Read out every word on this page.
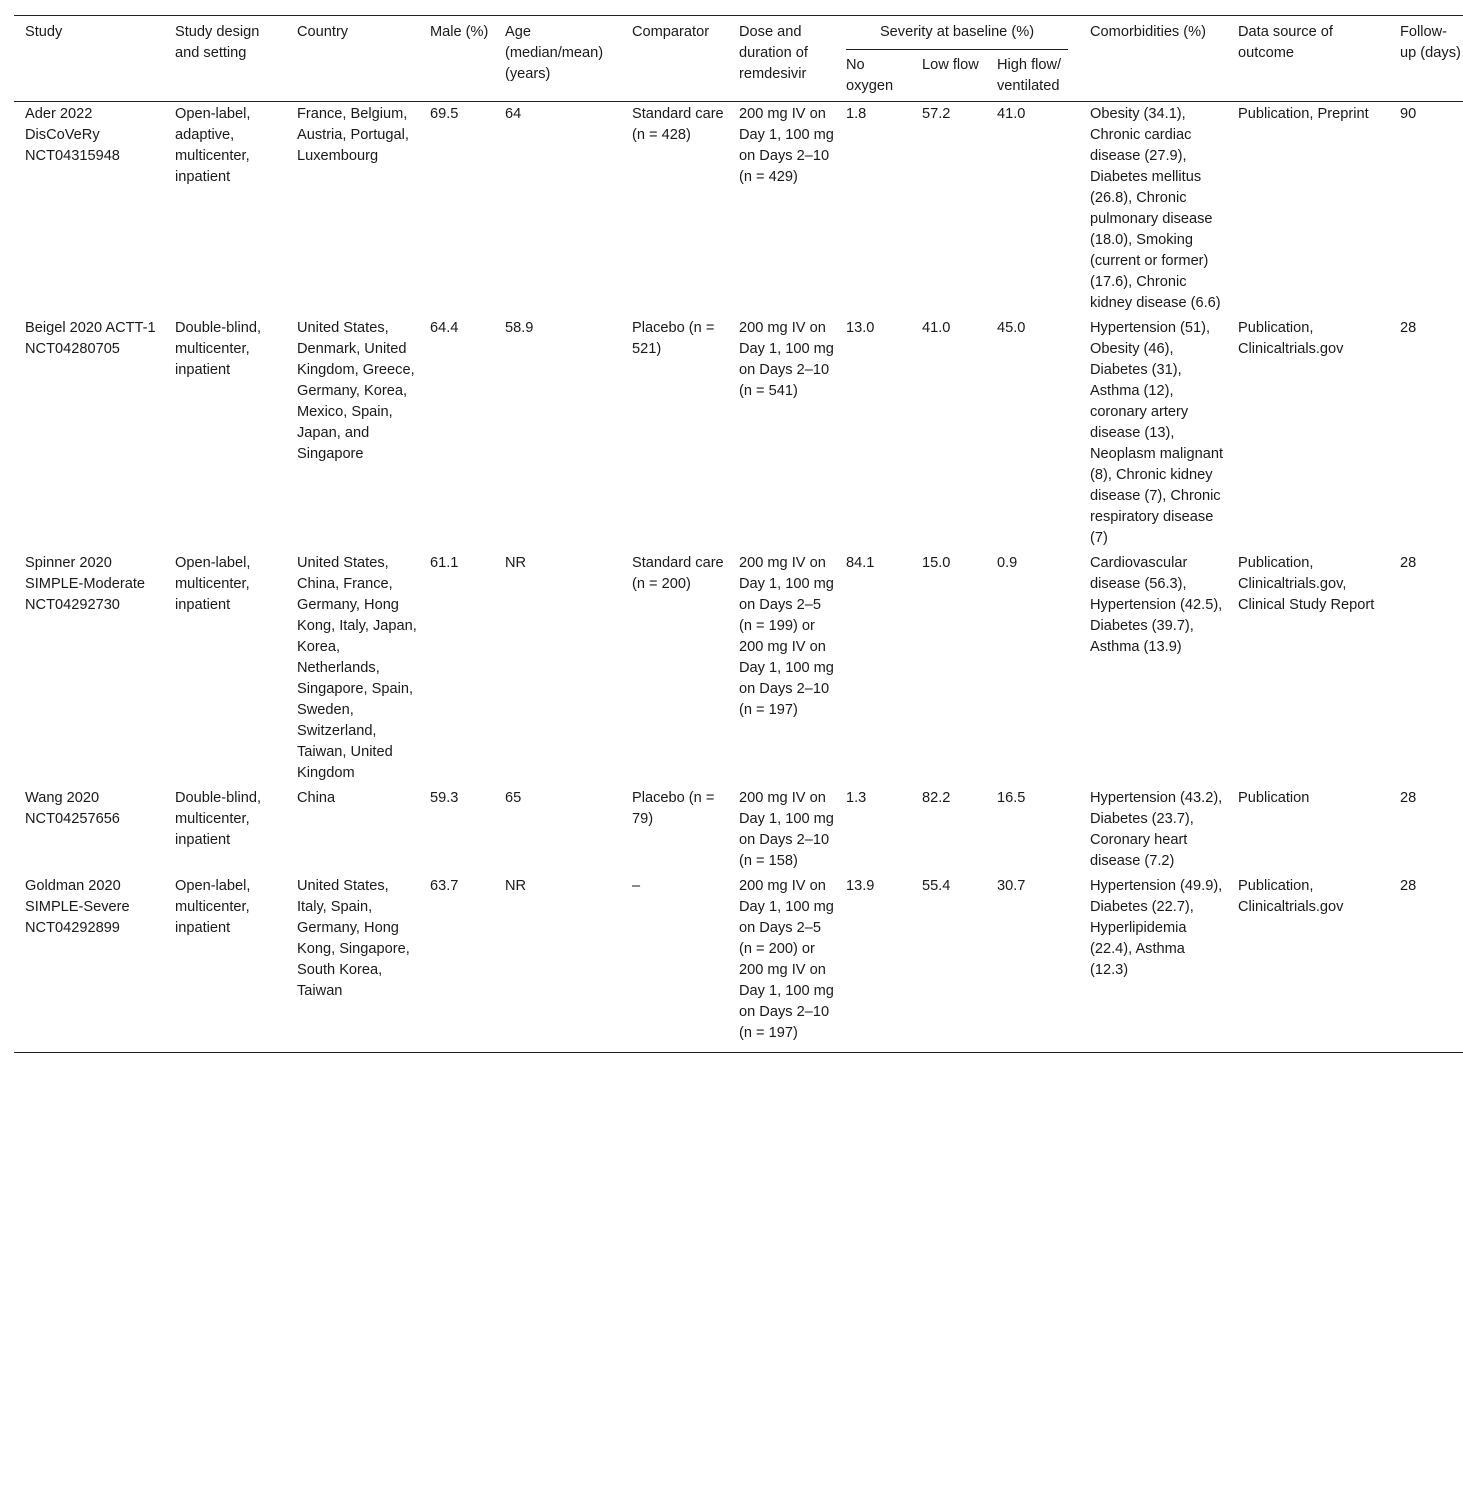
Study	Study design and setting	Country	Male (%)	Age (median/mean) (years)	Comparator	Dose and duration of remdesivir	Severity at baseline (%)			Comorbidities (%)	Data source of outcome	Follow-up (days)
							No oxygen	Low flow	High flow/ ventilated			
Ader 2022 DisCoVeRy NCT04315948	Open-label, adaptive, multicenter, inpatient	France, Belgium, Austria, Portugal, Luxembourg	69.5	64	Standard care (n = 428)	200 mg IV on Day 1, 100 mg on Days 2–10 (n = 429)	1.8	57.2	41.0	Obesity (34.1), Chronic cardiac disease (27.9), Diabetes mellitus (26.8), Chronic pulmonary disease (18.0), Smoking (current or former) (17.6), Chronic kidney disease (6.6)	Publication, Preprint	90
Beigel 2020 ACTT-1 NCT04280705	Double-blind, multicenter, inpatient	United States, Denmark, United Kingdom, Greece, Germany, Korea, Mexico, Spain, Japan, and Singapore	64.4	58.9	Placebo (n = 521)	200 mg IV on Day 1, 100 mg on Days 2–10 (n = 541)	13.0	41.0	45.0	Hypertension (51), Obesity (46), Diabetes (31), Asthma (12), coronary artery disease (13), Neoplasm malignant (8), Chronic kidney disease (7), Chronic respiratory disease (7)	Publication, Clinicaltrials.gov	28
Spinner 2020 SIMPLE-Moderate NCT04292730	Open-label, multicenter, inpatient	United States, China, France, Germany, Hong Kong, Italy, Japan, Korea, Netherlands, Singapore, Spain, Sweden, Switzerland, Taiwan, United Kingdom	61.1	NR	Standard care (n = 200)	200 mg IV on Day 1, 100 mg on Days 2–5 (n = 199) or 200 mg IV on Day 1, 100 mg on Days 2–10 (n = 197)	84.1	15.0	0.9	Cardiovascular disease (56.3), Hypertension (42.5), Diabetes (39.7), Asthma (13.9)	Publication, Clinicaltrials.gov, Clinical Study Report	28
Wang 2020 NCT04257656	Double-blind, multicenter, inpatient	China	59.3	65	Placebo (n = 79)	200 mg IV on Day 1, 100 mg on Days 2–10 (n = 158)	1.3	82.2	16.5	Hypertension (43.2), Diabetes (23.7), Coronary heart disease (7.2)	Publication	28
Goldman 2020 SIMPLE-Severe NCT04292899	Open-label, multicenter, inpatient	United States, Italy, Spain, Germany, Hong Kong, Singapore, South Korea, Taiwan	63.7	NR	–	200 mg IV on Day 1, 100 mg on Days 2–5 (n = 200) or 200 mg IV on Day 1, 100 mg on Days 2–10 (n = 197)	13.9	55.4	30.7	Hypertension (49.9), Diabetes (22.7), Hyperlipidemia (22.4), Asthma (12.3)	Publication, Clinicaltrials.gov	28
